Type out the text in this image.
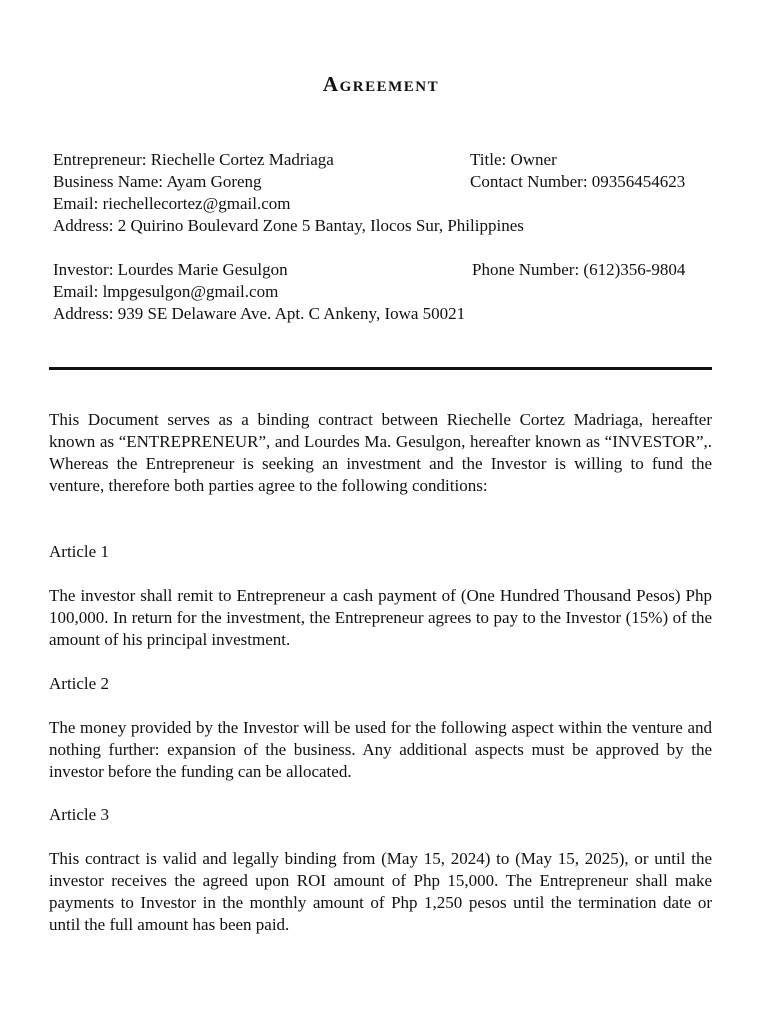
Agreement
Entrepreneur: Riechelle Cortez Madriaga	Title: Owner
Business Name: Ayam Goreng	Contact Number: 09356454623
Email: riechellecortez@gmail.com
Address: 2 Quirino Boulevard Zone 5 Bantay, Ilocos Sur, Philippines
Investor: Lourdes Marie Gesulgon	Phone Number: (612)356-9804
Email: lmpgesulgon@gmail.com
Address: 939 SE Delaware Ave. Apt. C Ankeny, Iowa 50021

This Document serves as a binding contract between Riechelle Cortez Madriaga, hereafter known as “ENTREPRENEUR”, and Lourdes Ma. Gesulgon, hereafter known as “INVESTOR”,. Whereas the Entrepreneur is seeking an investment and the Investor is willing to fund the venture, therefore both parties agree to the following conditions:

Article 1

The investor shall remit to Entrepreneur a cash payment of (One Hundred Thousand Pesos) Php 100,000. In return for the investment, the Entrepreneur agrees to pay to the Investor (15%) of the amount of his principal investment.

Article 2

The money provided by the Investor will be used for the following aspect within the venture and nothing further: expansion of the business. Any additional aspects must be approved by the investor before the funding can be allocated.

Article 3

This contract is valid and legally binding from (May 15, 2024) to (May 15, 2025), or until the investor receives the agreed upon ROI amount of Php 15,000. The Entrepreneur shall make payments to Investor in the monthly amount of Php 1,250 pesos until the termination date or until the full amount has been paid.
